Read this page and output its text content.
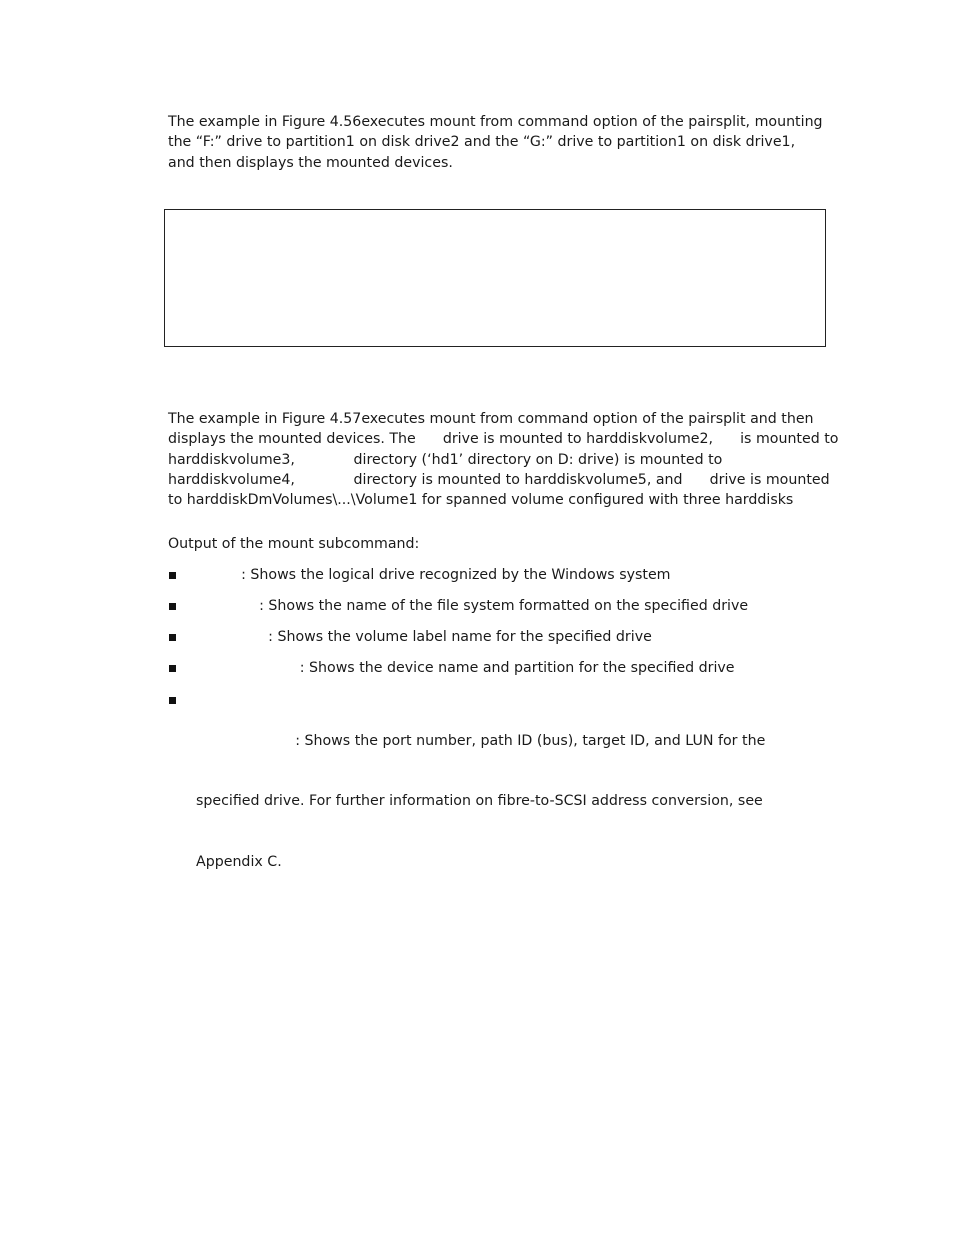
The example in Figure 4.56executes mount from command option of the pairsplit, mounting
the “F:” drive to partition1 on disk drive2 and the “G:” drive to partition1 on disk drive1,
and then displays the mounted devices.

The example in Figure 4.57executes mount from command option of the pairsplit and then
displays the mounted devices. The      drive is mounted to harddiskvolume2,      is mounted to
harddiskvolume3,             directory (‘hd1’ directory on D: drive) is mounted to
harddiskvolume4,             directory is mounted to harddiskvolume5, and      drive is mounted
to harddiskDmVolumes\...\Volume1 for spanned volume configured with three harddisks

Output of the mount subcommand:

: Shows the logical drive recognized by the Windows system
: Shows the name of the file system formatted on the specified drive
: Shows the volume label name for the specified drive
: Shows the device name and partition for the specified drive

: Shows the port number, path ID (bus), target ID, and LUN for the

specified drive. For further information on fibre-to-SCSI address conversion, see

Appendix C.
